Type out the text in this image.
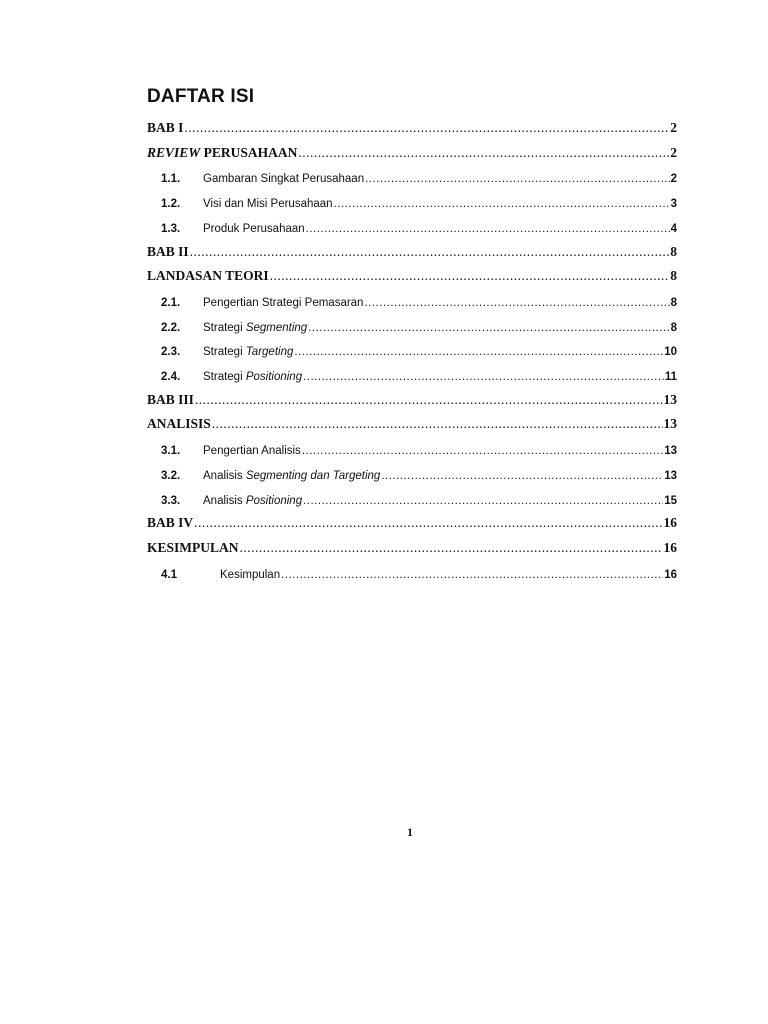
DAFTAR ISI
BAB I .....	2
REVIEW PERUSAHAAN .....	2
1.1.	Gambaran Singkat Perusahaan .....	2
1.2.	Visi dan Misi Perusahaan .....	3
1.3.	Produk Perusahaan .....	4
BAB II .....	8
LANDASAN TEORI .....	8
2.1.	Pengertian Strategi Pemasaran .....	8
2.2.	Strategi Segmenting .....	8
2.3.	Strategi Targeting .....	10
2.4.	Strategi Positioning .....	11
BAB III .....	13
ANALISIS .....	13
3.1.	Pengertian Analisis .....	13
3.2.	Analisis Segmenting dan Targeting .....	13
3.3.	Analisis Positioning .....	15
BAB IV .....	16
KESIMPULAN .....	16
4.1	Kesimpulan .....	16
1
